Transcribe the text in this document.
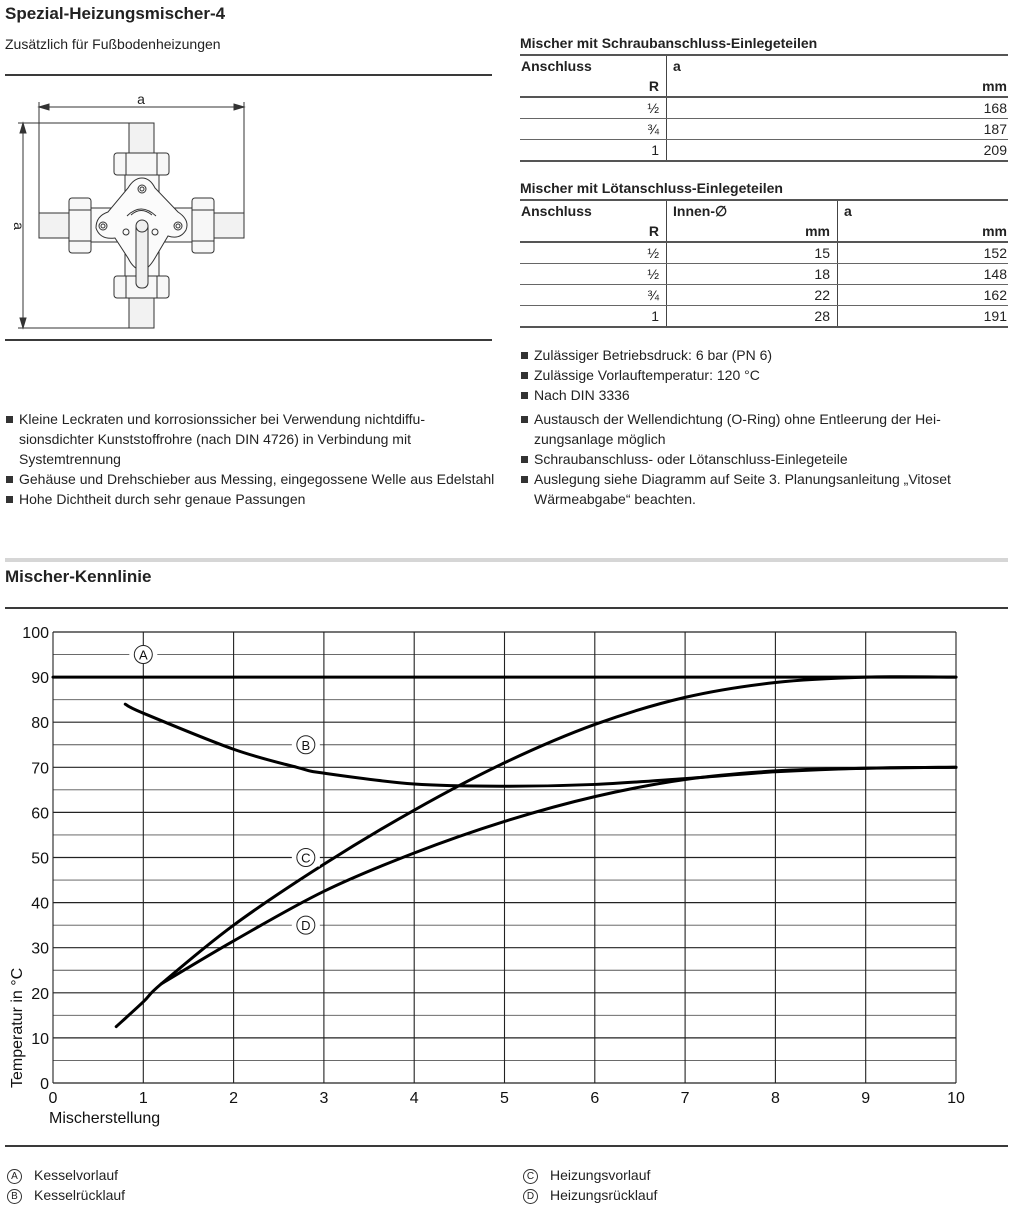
Spezial-Heizungsmischer-4
Zusätzlich für Fußbodenheizungen
a
a
Mischer mit Schraubanschluss-Einlegeteilen
Anschluss	a
R	mm
½	168
¾	187
1	209
Mischer mit Lötanschluss-Einlegeteilen
Anschluss	Innen-∅	a
R	mm	mm
½	15	152
½	18	148
¾	22	162
1	28	191
Zulässiger Betriebsdruck: 6 bar (PN 6)
Zulässige Vorlauftemperatur: 120 °C
Nach DIN 3336
Austausch der Wellendichtung (O-Ring) ohne Entleerung der Hei-zungsanlage möglich
Schraubanschluss- oder Lötanschluss-Einlegeteile
Auslegung siehe Diagramm auf Seite 3. Planungsanleitung „Vitoset Wärmeabgabe“ beachten.
Kleine Leckraten und korrosionssicher bei Verwendung nichtdiffu-sionsdichter Kunststoffrohre (nach DIN 4726) in Verbindung mit Systemtrennung
Gehäuse und Drehschieber aus Messing, eingegossene Welle aus Edelstahl
Hohe Dichtheit durch sehr genaue Passungen
Mischer-Kennlinie
0	1	2	3	4	5	6	7	8	9	10
0
10
20
30
40
50
60
70
80
90
100
Mischerstellung
Temperatur in °C
A
B
C
D
A Kesselvorlauf
B Kesselrücklauf
C Heizungsvorlauf
D Heizungsrücklauf
